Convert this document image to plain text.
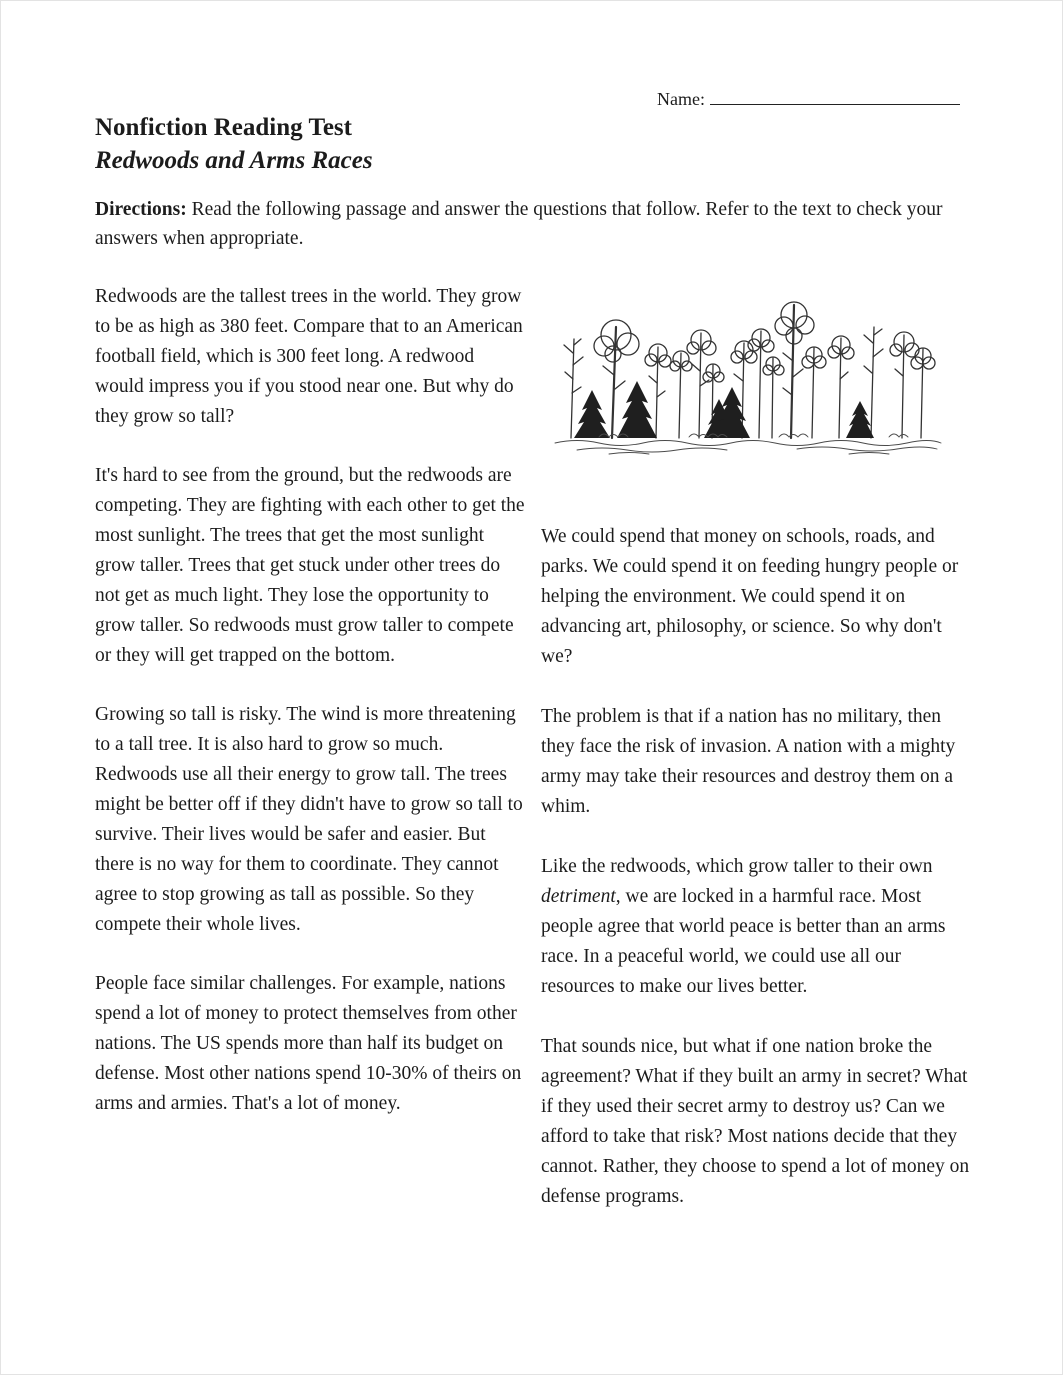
Name:
Nonfiction Reading Test
Redwoods and Arms Races

Directions: Read the following passage and answer the questions that follow. Refer to the text to check your answers when appropriate.

Redwoods are the tallest trees in the world. They grow to be as high as 380 feet. Compare that to an American football field, which is 300 feet long. A redwood would impress you if you stood near one. But why do they grow so tall?

It's hard to see from the ground, but the redwoods are competing. They are fighting with each other to get the most sunlight. The trees that get the most sunlight grow taller. Trees that get stuck under other trees do not get as much light. They lose the opportunity to grow taller. So redwoods must grow taller to compete or they will get trapped on the bottom.

Growing so tall is risky. The wind is more threatening to a tall tree. It is also hard to grow so much. Redwoods use all their energy to grow tall. The trees might be better off if they didn't have to grow so tall to survive. Their lives would be safer and easier. But there is no way for them to coordinate. They cannot agree to stop growing as tall as possible. So they compete their whole lives.

People face similar challenges. For example, nations spend a lot of money to protect themselves from other nations. The US spends more than half its budget on defense. Most other nations spend 10-30% of theirs on arms and armies. That's a lot of money.

We could spend that money on schools, roads, and parks. We could spend it on feeding hungry people or helping the environment. We could spend it on advancing art, philosophy, or science. So why don't we?

The problem is that if a nation has no military, then they face the risk of invasion. A nation with a mighty army may take their resources and destroy them on a whim.

Like the redwoods, which grow taller to their own detriment, we are locked in a harmful race. Most people agree that world peace is better than an arms race. In a peaceful world, we could use all our resources to make our lives better.

That sounds nice, but what if one nation broke the agreement? What if they built an army in secret? What if they used their secret army to destroy us? Can we afford to take that risk? Most nations decide that they cannot. Rather, they choose to spend a lot of money on defense programs.
